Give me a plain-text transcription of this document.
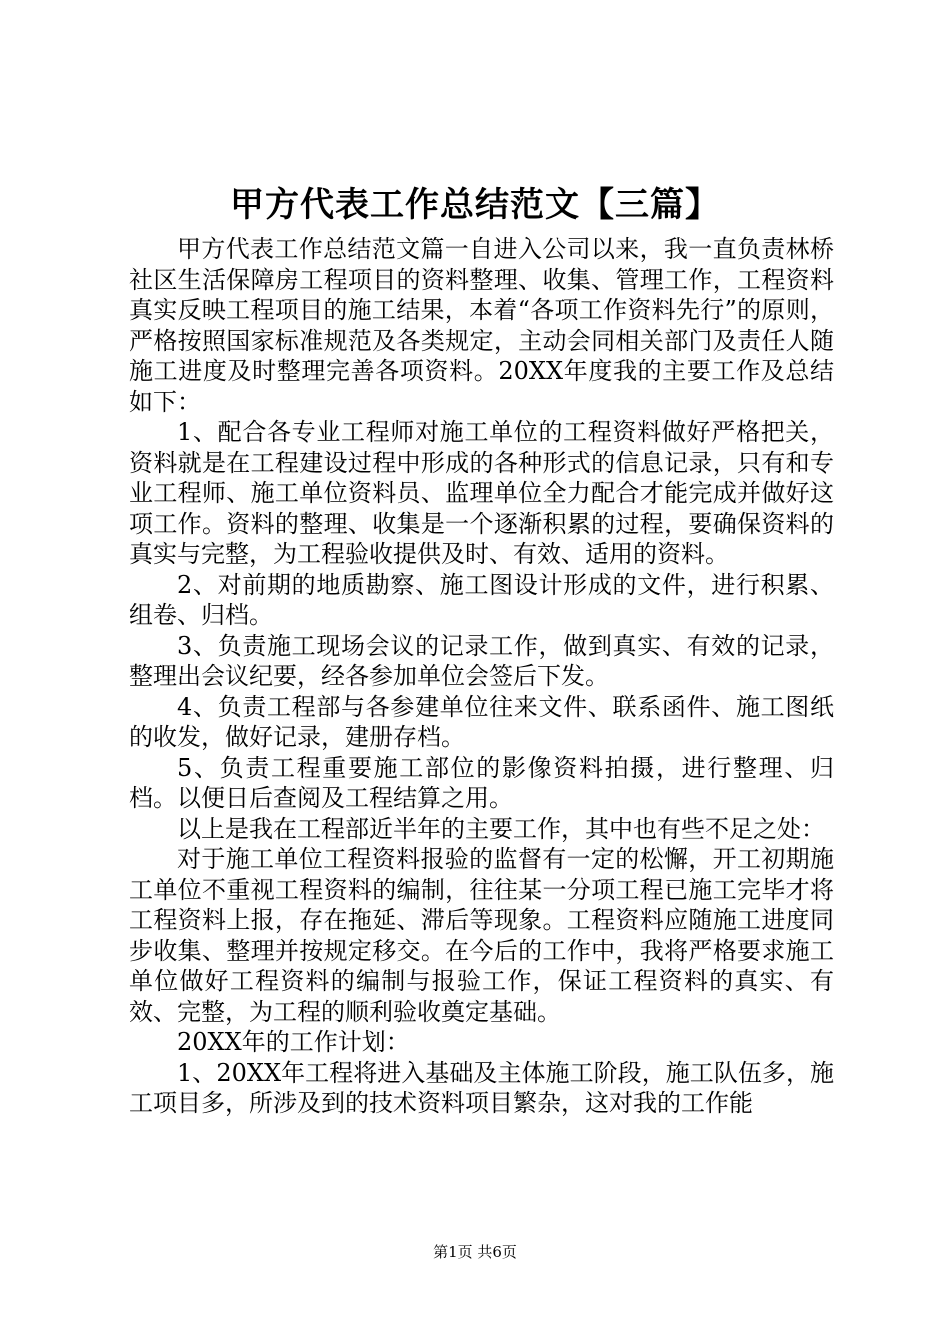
甲方代表工作总结范文【三篇】

甲方代表工作总结范文篇一自进入公司以来，我一直负责林桥社区生活保障房工程项目的资料整理、收集、管理工作，工程资料真实反映工程项目的施工结果，本着“各项工作资料先行”的原则，严格按照国家标准规范及各类规定，主动会同相关部门及责任人随施工进度及时整理完善各项资料。20XX年度我的主要工作及总结如下：

1、配合各专业工程师对施工单位的工程资料做好严格把关，资料就是在工程建设过程中形成的各种形式的信息记录，只有和专业工程师、施工单位资料员、监理单位全力配合才能完成并做好这项工作。资料的整理、收集是一个逐渐积累的过程，要确保资料的真实与完整，为工程验收提供及时、有效、适用的资料。

2、对前期的地质勘察、施工图设计形成的文件，进行积累、组卷、归档。

3、负责施工现场会议的记录工作，做到真实、有效的记录，整理出会议纪要，经各参加单位会签后下发。

4、负责工程部与各参建单位往来文件、联系函件、施工图纸的收发，做好记录，建册存档。

5、负责工程重要施工部位的影像资料拍摄，进行整理、归档。以便日后查阅及工程结算之用。

以上是我在工程部近半年的主要工作，其中也有些不足之处：

对于施工单位工程资料报验的监督有一定的松懈，开工初期施工单位不重视工程资料的编制，往往某一分项工程已施工完毕才将工程资料上报，存在拖延、滞后等现象。工程资料应随施工进度同步收集、整理并按规定移交。在今后的工作中，我将严格要求施工单位做好工程资料的编制与报验工作，保证工程资料的真实、有效、完整，为工程的顺利验收奠定基础。

20XX年的工作计划：

1、20XX年工程将进入基础及主体施工阶段，施工队伍多，施工项目多，所涉及到的技术资料项目繁杂，这对我的工作能

第1页 共6页
